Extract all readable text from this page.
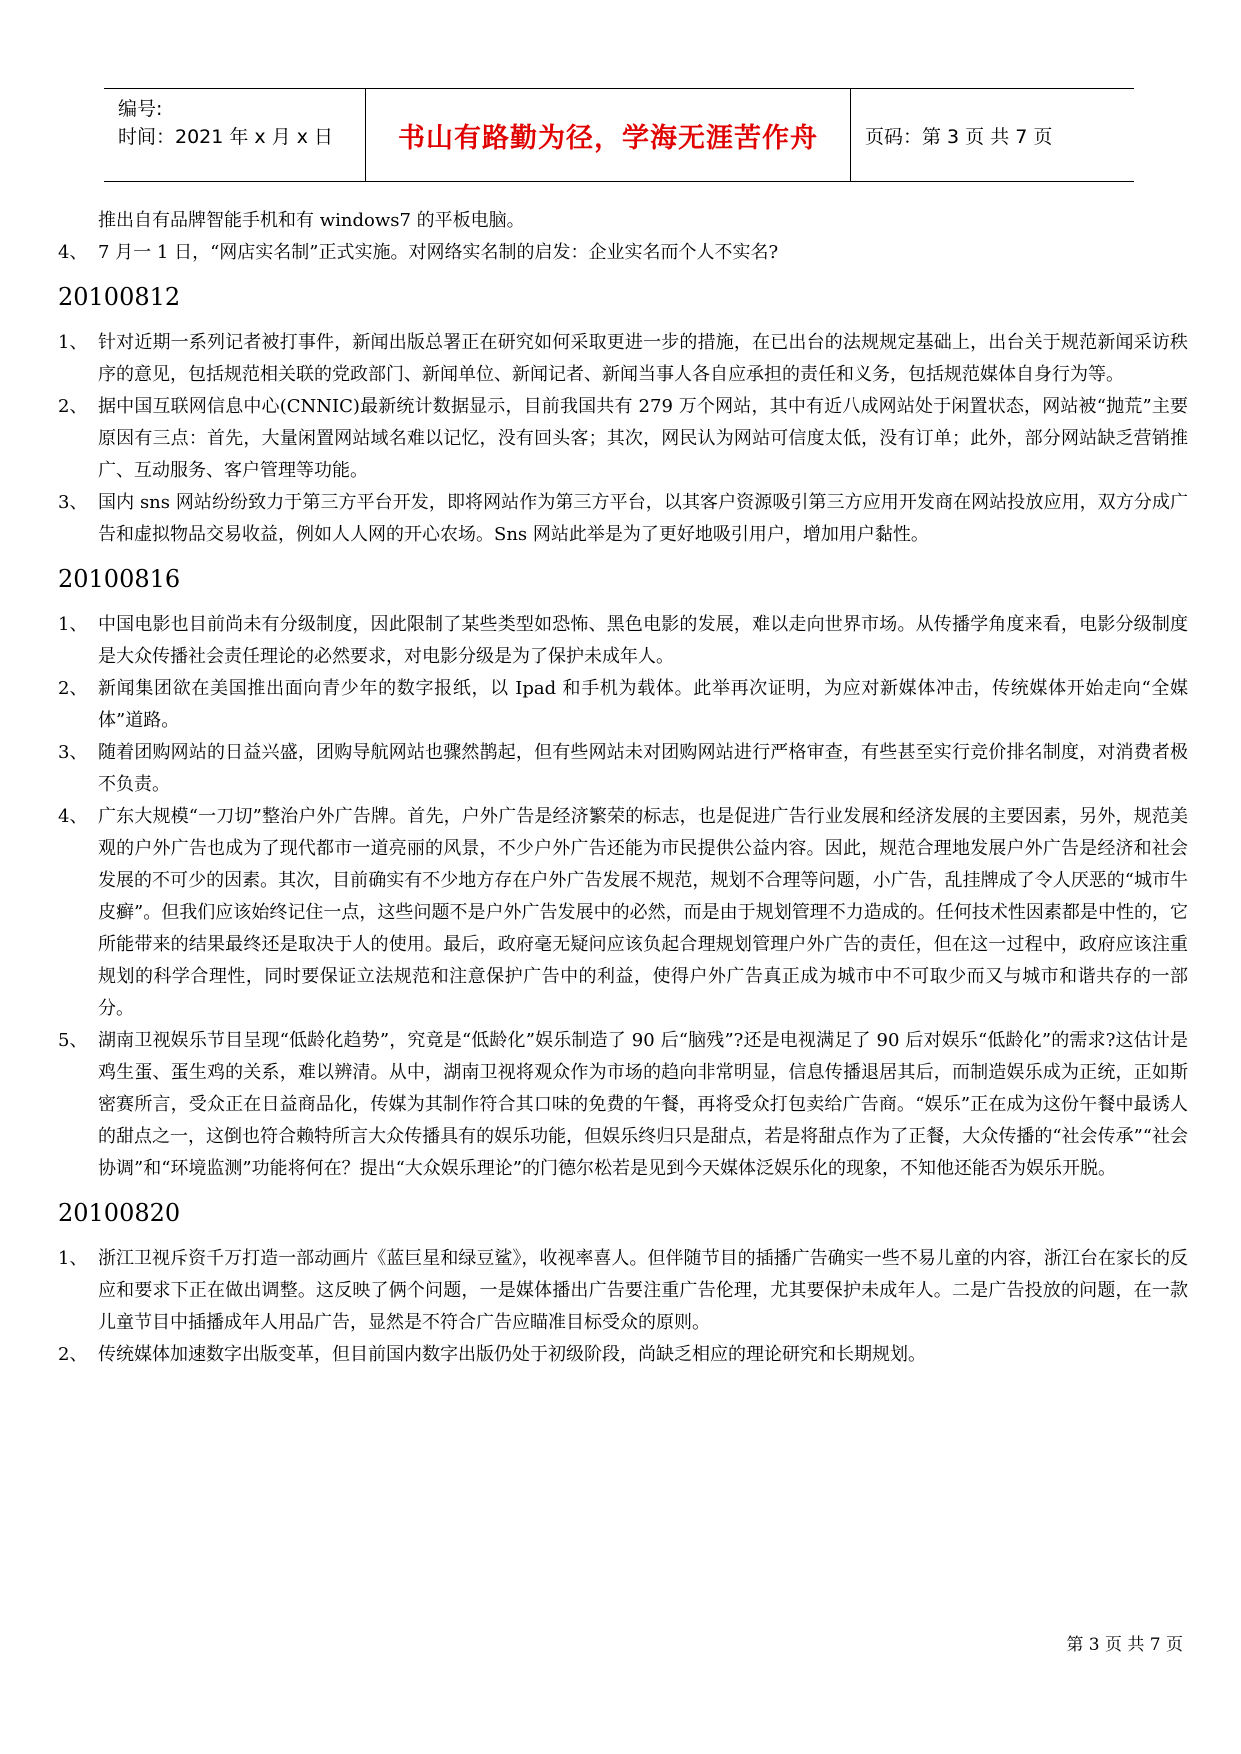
编号:
时间：2021 年 x 月 x 日	书山有路勤为径，学海无涯苦作舟	页码：第 3 页 共 7 页
推出自有品牌智能手机和有 windows7 的平板电脑。
4、 7 月一 1 日，“网店实名制”正式实施。对网络实名制的启发：企业实名而个人不实名?
20100812
1、 针对近期一系列记者被打事件，新闻出版总署正在研究如何采取更进一步的措施，在已出台的法规规定基础上，出台关于规范新闻采访秩序的意见，包括规范相关联的党政部门、新闻单位、新闻记者、新闻当事人各自应承担的责任和义务，包括规范媒体自身行为等。
2、 据中国互联网信息中心(CNNIC)最新统计数据显示，目前我国共有 279 万个网站，其中有近八成网站处于闲置状态，网站被“抛荒”主要原因有三点：首先，大量闲置网站域名难以记忆，没有回头客；其次，网民认为网站可信度太低，没有订单；此外，部分网站缺乏营销推广、互动服务、客户管理等功能。
3、 国内 sns 网站纷纷致力于第三方平台开发，即将网站作为第三方平台，以其客户资源吸引第三方应用开发商在网站投放应用，双方分成广告和虚拟物品交易收益，例如人人网的开心农场。Sns 网站此举是为了更好地吸引用户，增加用户黏性。
20100816
1、 中国电影也目前尚未有分级制度，因此限制了某些类型如恐怖、黑色电影的发展，难以走向世界市场。从传播学角度来看，电影分级制度是大众传播社会责任理论的必然要求，对电影分级是为了保护未成年人。
2、 新闻集团欲在美国推出面向青少年的数字报纸，以 Ipad 和手机为载体。此举再次证明，为应对新媒体冲击，传统媒体开始走向“全媒体”道路。
3、 随着团购网站的日益兴盛，团购导航网站也骤然鹊起，但有些网站未对团购网站进行严格审查，有些甚至实行竞价排名制度，对消费者极不负责。
4、 广东大规模“一刀切”整治户外广告牌。首先，户外广告是经济繁荣的标志，也是促进广告行业发展和经济发展的主要因素，另外，规范美观的户外广告也成为了现代都市一道亮丽的风景，不少户外广告还能为市民提供公益内容。因此，规范合理地发展户外广告是经济和社会发展的不可少的因素。其次，目前确实有不少地方存在户外广告发展不规范，规划不合理等问题，小广告，乱挂牌成了令人厌恶的“城市牛皮癣”。但我们应该始终记住一点，这些问题不是户外广告发展中的必然，而是由于规划管理不力造成的。任何技术性因素都是中性的，它所能带来的结果最终还是取决于人的使用。最后，政府毫无疑问应该负起合理规划管理户外广告的责任，但在这一过程中，政府应该注重规划的科学合理性，同时要保证立法规范和注意保护广告中的利益，使得户外广告真正成为城市中不可取少而又与城市和谐共存的一部分。
5、 湖南卫视娱乐节目呈现“低龄化趋势”，究竟是“低龄化”娱乐制造了 90 后“脑残”?还是电视满足了 90 后对娱乐“低龄化”的需求?这估计是鸡生蛋、蛋生鸡的关系，难以辨清。从中，湖南卫视将观众作为市场的趋向非常明显，信息传播退居其后，而制造娱乐成为正统，正如斯密赛所言，受众正在日益商品化，传媒为其制作符合其口味的免费的午餐，再将受众打包卖给广告商。“娱乐”正在成为这份午餐中最诱人的甜点之一，这倒也符合赖特所言大众传播具有的娱乐功能，但娱乐终归只是甜点，若是将甜点作为了正餐，大众传播的“社会传承”“社会协调”和“环境监测”功能将何在？提出“大众娱乐理论”的门德尔松若是见到今天媒体泛娱乐化的现象，不知他还能否为娱乐开脱。
20100820
1、 浙江卫视斥资千万打造一部动画片《蓝巨星和绿豆鲨》，收视率喜人。但伴随节目的插播广告确实一些不易儿童的内容，浙江台在家长的反应和要求下正在做出调整。这反映了俩个问题，一是媒体播出广告要注重广告伦理，尤其要保护未成年人。二是广告投放的问题，在一款儿童节目中插播成年人用品广告，显然是不符合广告应瞄准目标受众的原则。
2、 传统媒体加速数字出版变革，但目前国内数字出版仍处于初级阶段，尚缺乏相应的理论研究和长期规划。
第 3 页 共 7 页
